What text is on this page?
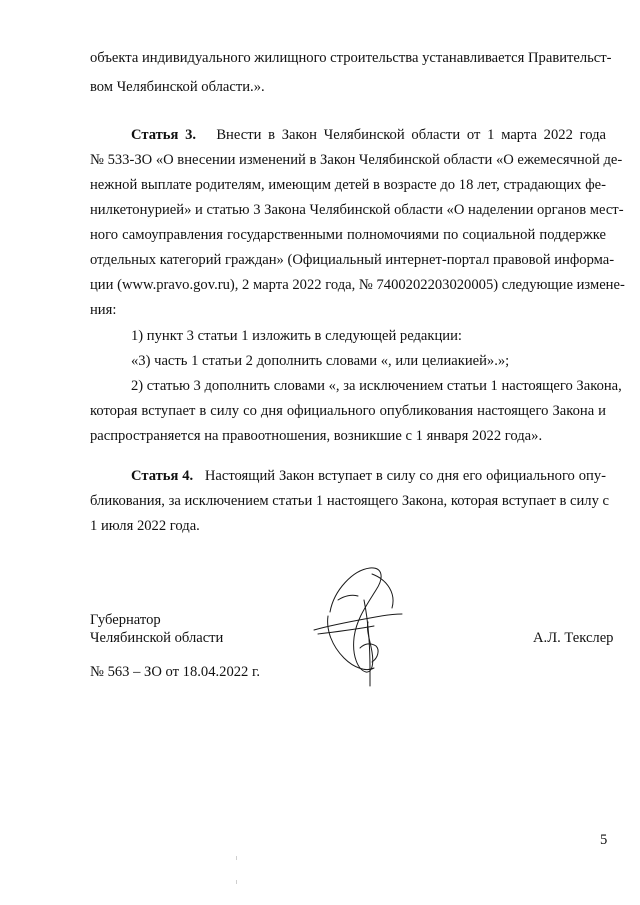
объекта индивидуального жилищного строительства устанавливается Правительст-
вом Челябинской области.».
Статья 3. Внести в Закон Челябинской области от 1 марта 2022 года
№ 533-ЗО «О внесении изменений в Закон Челябинской области «О ежемесячной де-
нежной выплате родителям, имеющим детей в возрасте до 18 лет, страдающих фе-
нилкетонурией» и статью 3 Закона Челябинской области «О наделении органов мест-
ного самоуправления государственными полномочиями по социальной поддержке
отдельных категорий граждан» (Официальный интернет-портал правовой информа-
ции (www.pravo.gov.ru), 2 марта 2022 года, № 7400202203020005) следующие измене-
ния:
1) пункт 3 статьи 1 изложить в следующей редакции:
«3) часть 1 статьи 2 дополнить словами «, или целиакией».»;
2) статью 3 дополнить словами «, за исключением статьи 1 настоящего Закона,
которая вступает в силу со дня официального опубликования настоящего Закона и
распространяется на правоотношения, возникшие с 1 января 2022 года».
Статья 4. Настоящий Закон вступает в силу со дня его официального опу-
бликования, за исключением статьи 1 настоящего Закона, которая вступает в силу с
1 июля 2022 года.
Губернатор
Челябинской области	А.Л. Текслер
№ 563 – ЗО от 18.04.2022 г.
5
